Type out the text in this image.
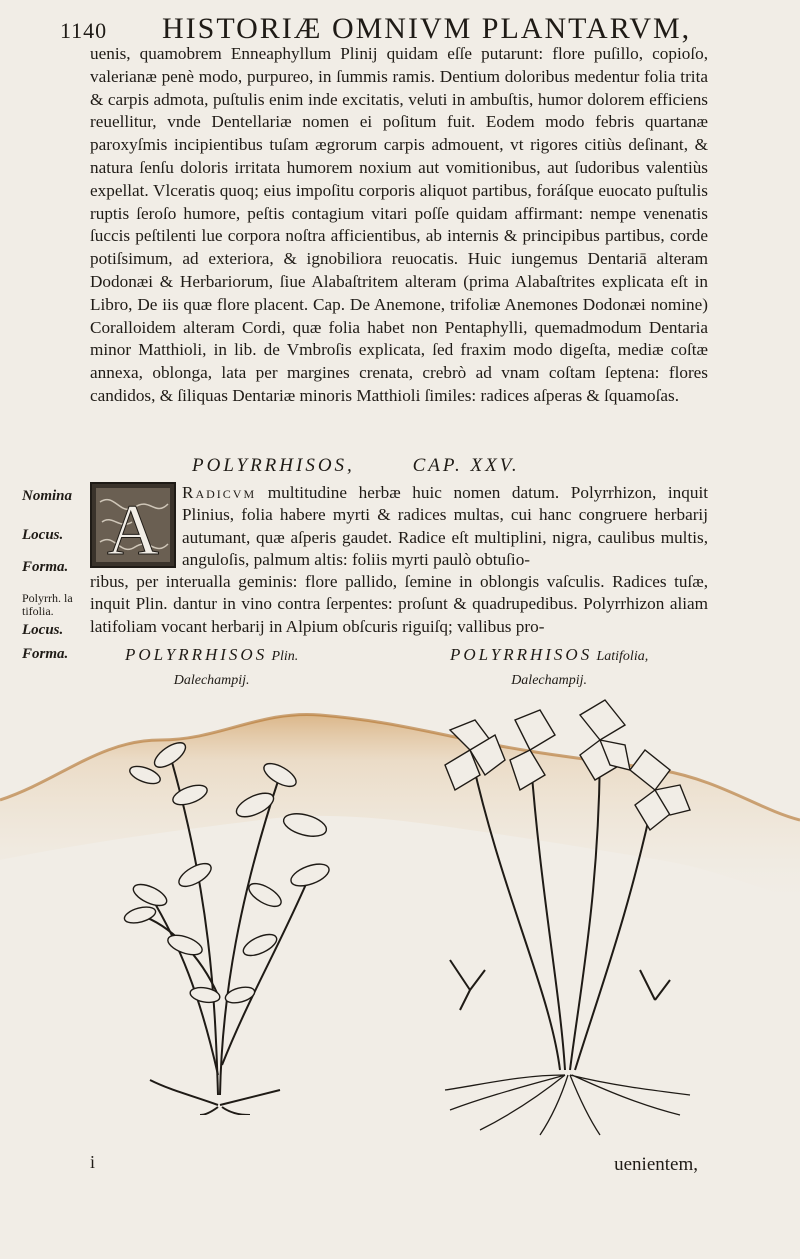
1140 HISTORIÆ OMNIVM PLANTARVM,
uenis, quamobrem Enneaphyllum Plinij quidam eſſe putarunt: flore puſillo, copioſo, valerianæ penè modo, purpureo, in ſummis ramis. Dentium doloribus medentur folia trita & carpis admota, puſtulis enim inde excitatis, veluti in ambuſtis, humor dolorem efficiens reuellitur, vnde Dentellariæ nomen ei poſitum fuit. Eodem modo febris quartanæ paroxyſmis incipientibus tuſam ægrorum carpis admouent, vt rigores citiùs deſinant, & natura ſenſu doloris irritata humorem noxium aut vomitionibus, aut ſudoribus valentiùs expellat. Vlceratis quoq; eius impoſitu corporis aliquot partibus, foráſque euocato puſtulis ruptis ſeroſo humore, peſtis contagium vitari poſſe quidam affirmant: nempe venenatis ſuccis peſtilenti lue corpora noſtra afficientibus, ab internis & principibus partibus, corde potiſsimum, ad exteriora, & ignobiliora reuocatis. Huic iungemus Dentariā alteram Dodonæi & Herbariorum, ſiue Alabaſtritem alteram (prima Alabaſtrites explicata eſt in Libro, De iis quæ flore placent. Cap. De Anemone, trifoliæ Anemones Dodonæi nomine) Coralloidem alteram Cordi, quæ folia habet non Pentaphylli, quemadmodum Dentaria minor Matthioli, in lib. de Vmbroſis explicata, ſed fraxim modo digeſta, mediæ coſtæ annexa, oblonga, lata per margines crenata, crebrò ad vnam coſtam ſeptena: flores candidos, & ſiliquas Dentariæ minoris Matthioli ſimiles: radices aſperas & ſquamoſas.
POLYRRHISOS,	CAP. XXV.
A Radicvm multitudine herbæ huic nomen datum. Polyrrhizon, inquit Plinius, folia habere myrti & radices multas, cui hanc congruere herbarij autumant, quæ aſperis gaudet. Radice eſt multiplini, nigra, caulibus multis, anguloſis, palmum altis: foliis myrti paulò obtuſio-
ribus, per interualla geminis: flore pallido, ſemine in oblongis vaſculis. Radices tuſæ, inquit Plin. dantur in vino contra ſerpentes: proſunt & quadrupedibus. Polyrrhizon aliam latifoliam vocant herbarij in Alpium obſcuris riguiſq; vallibus pro-
Nomina
Locus.
Forma.
Polyrrh. la tifolia.
Locus.
Forma.	POLYRRHISOS Plin.
Dalechampij.
POLYRRHISOS Latifolia,
Dalechampij.
i	uenientem,
